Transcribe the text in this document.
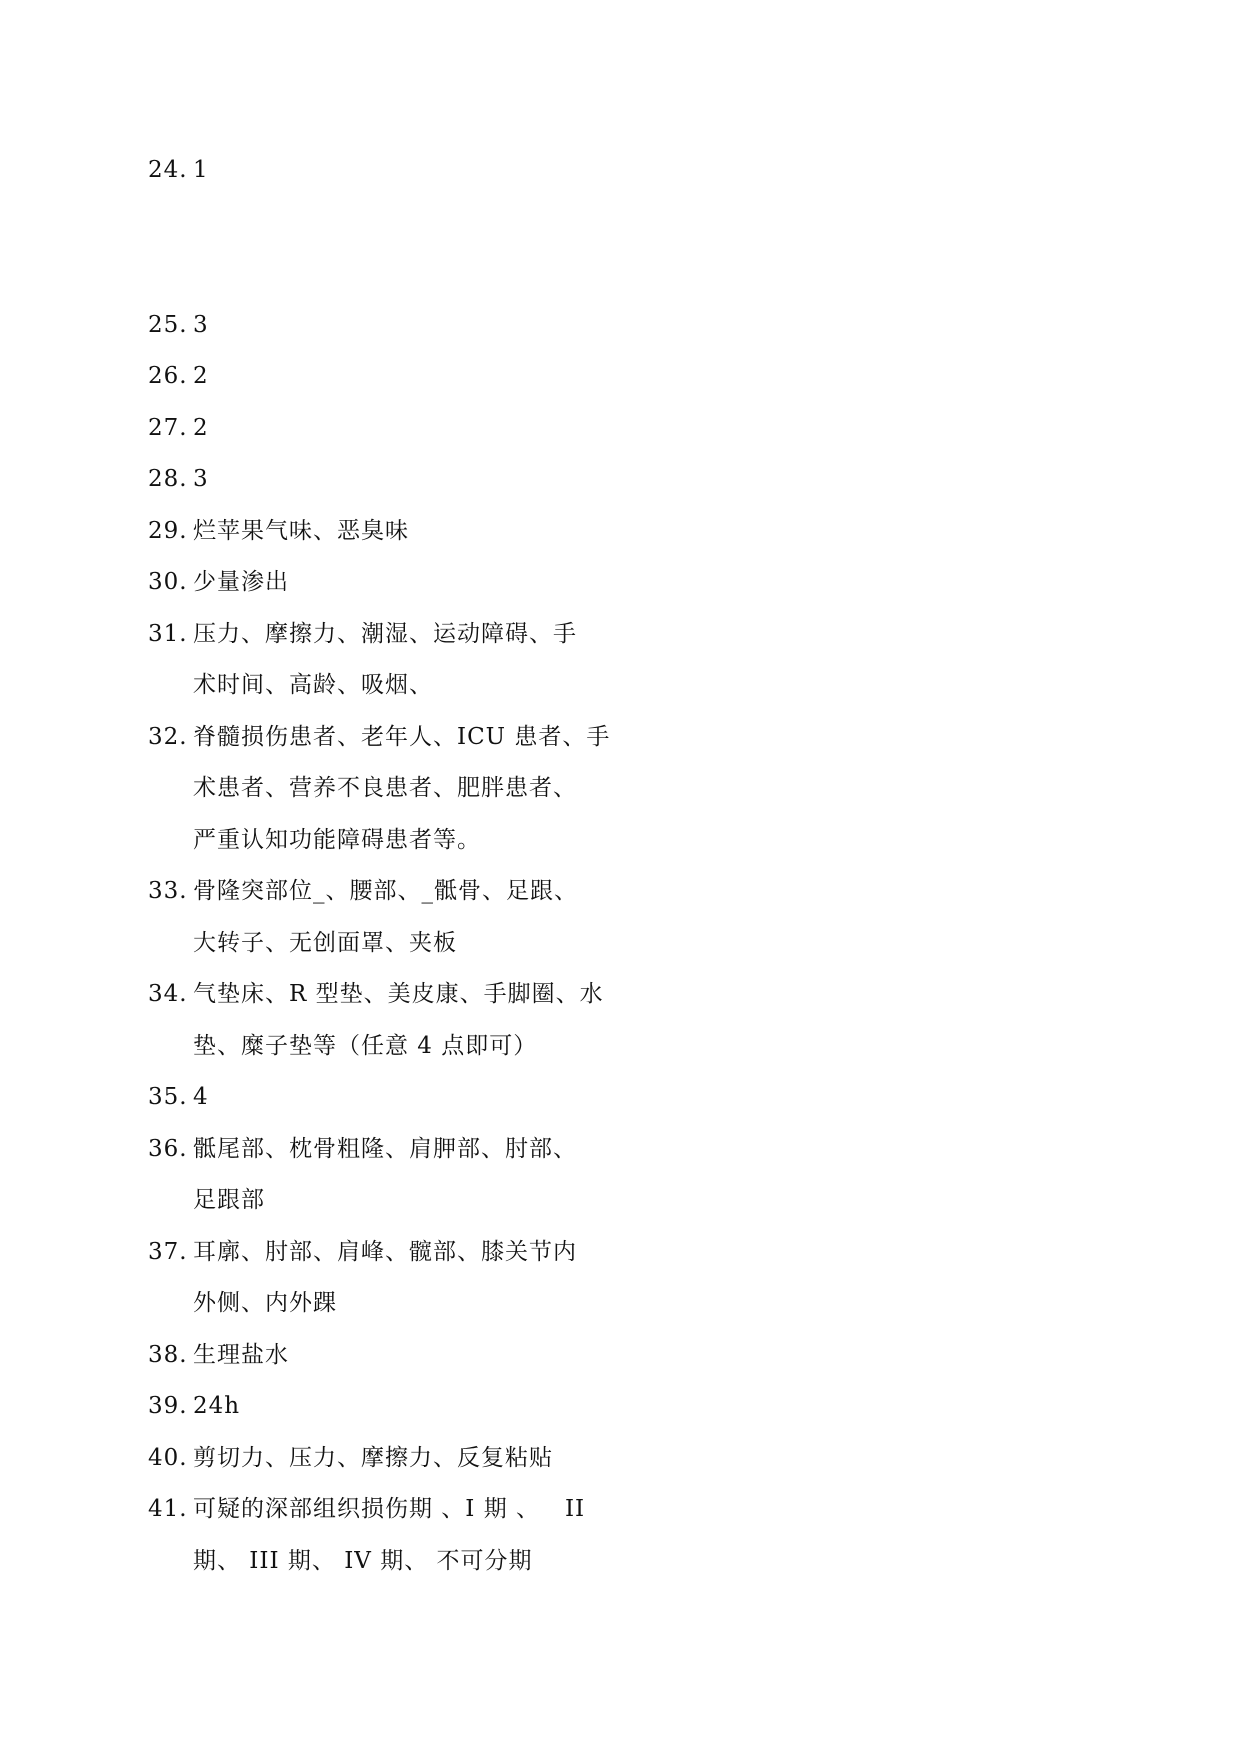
24. 1
25. 3
26. 2
27. 2
28. 3
29. 烂苹果气味、恶臭味
30. 少量渗出
31. 压力、摩擦力、潮湿、运动障碍、手
术时间、高龄、吸烟、
32. 脊髓损伤患者、老年人、ICU 患者、手
术患者、营养不良患者、肥胖患者、
严重认知功能障碍患者等。
33. 骨隆突部位_、腰部、_骶骨、足跟、
大转子、无创面罩、夹板
34. 气垫床、R 型垫、美皮康、手脚圈、水
垫、糜子垫等（任意 4 点即可）
35. 4
36. 骶尾部、枕骨粗隆、肩胛部、肘部、
足跟部
37. 耳廓、肘部、肩峰、髋部、膝关节内
外侧、内外踝
38. 生理盐水
39. 24h
40. 剪切力、压力、摩擦力、反复粘贴
41. 可疑的深部组织损伤期 、I 期 、   II
期、 III 期、 IV 期、 不可分期
